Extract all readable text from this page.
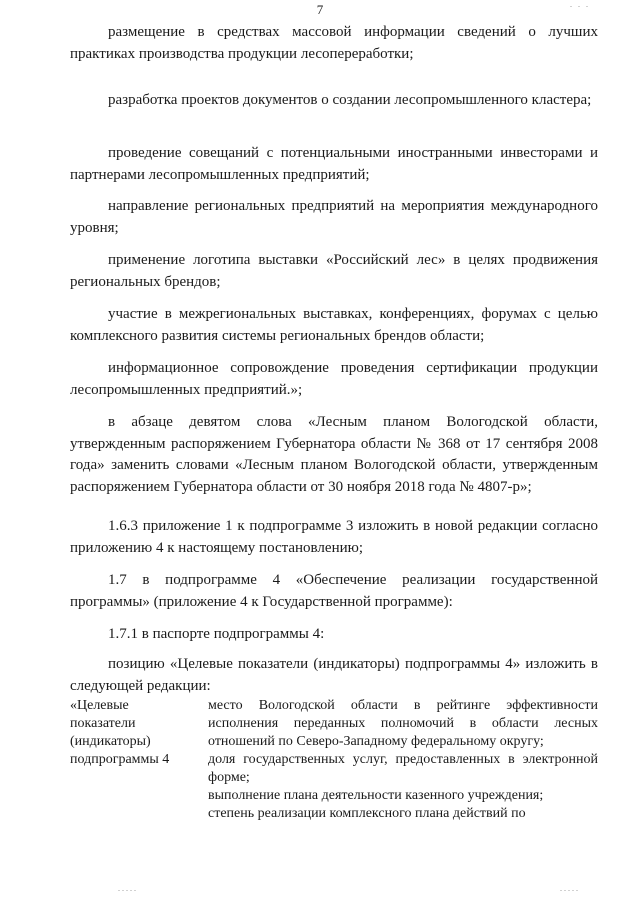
7

размещение в средствах массовой информации сведений о лучших практиках производства продукции лесопереработки;

разработка проектов документов о создании лесопромышленного кластера;

проведение совещаний с потенциальными иностранными инвесторами и партнерами лесопромышленных предприятий;

направление региональных предприятий на мероприятия международного уровня;

применение логотипа выставки «Российский лес» в целях продвижения региональных брендов;

участие в межрегиональных выставках, конференциях, форумах с целью комплексного развития системы региональных брендов области;

информационное сопровождение проведения сертификации продукции лесопромышленных предприятий.»;

в абзаце девятом слова «Лесным планом Вологодской области, утвержденным распоряжением Губернатора области № 368 от 17 сентября 2008 года» заменить словами «Лесным планом Вологодской области, утвержденным распоряжением Губернатора области от 30 ноября 2018 года № 4807-р»;

1.6.3 приложение 1 к подпрограмме 3 изложить в новой редакции согласно приложению 4 к настоящему постановлению;

1.7 в подпрограмме 4 «Обеспечение реализации государственной программы» (приложение 4 к Государственной программе):

1.7.1 в паспорте подпрограммы 4:

позицию «Целевые показатели (индикаторы) подпрограммы 4» изложить в следующей редакции:

«Целевые показатели (индикаторы) подпрограммы 4

место Вологодской области в рейтинге эффективности исполнения переданных полномочий в области лесных отношений по Северо-Западному федеральному округу;

доля государственных услуг, предоставленных в электронной форме;

выполнение плана деятельности казенного учреждения;

степень реализации комплексного плана действий по

.....	.....
. . .
